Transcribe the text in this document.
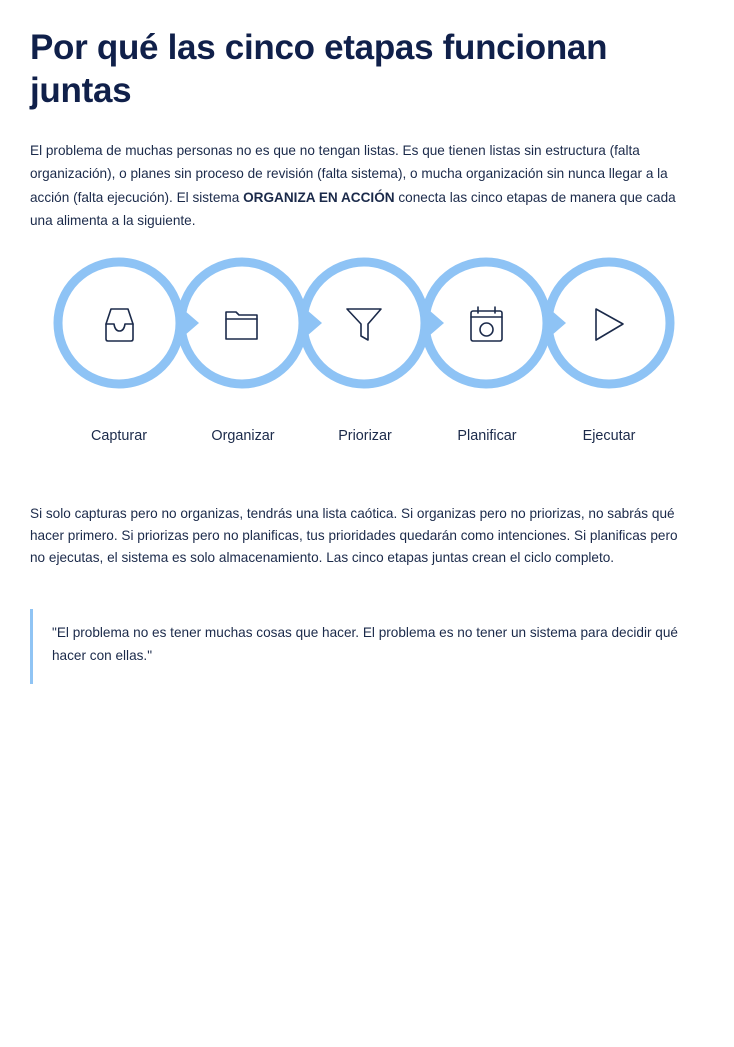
Por qué las cinco etapas funcionan juntas

El problema de muchas personas no es que no tengan listas. Es que tienen listas sin estructura (falta organización), o planes sin proceso de revisión (falta sistema), o mucha organización sin nunca llegar a la acción (falta ejecución). El sistema ORGANIZA EN ACCIÓN conecta las cinco etapas de manera que cada una alimenta a la siguiente.

Capturar	Organizar	Priorizar	Planificar	Ejecutar

Si solo capturas pero no organizas, tendrás una lista caótica. Si organizas pero no priorizas, no sabrás qué hacer primero. Si priorizas pero no planificas, tus prioridades quedarán como intenciones. Si planificas pero no ejecutas, el sistema es solo almacenamiento. Las cinco etapas juntas crean el ciclo completo.

"El problema no es tener muchas cosas que hacer. El problema es no tener un sistema para decidir qué hacer con ellas."
